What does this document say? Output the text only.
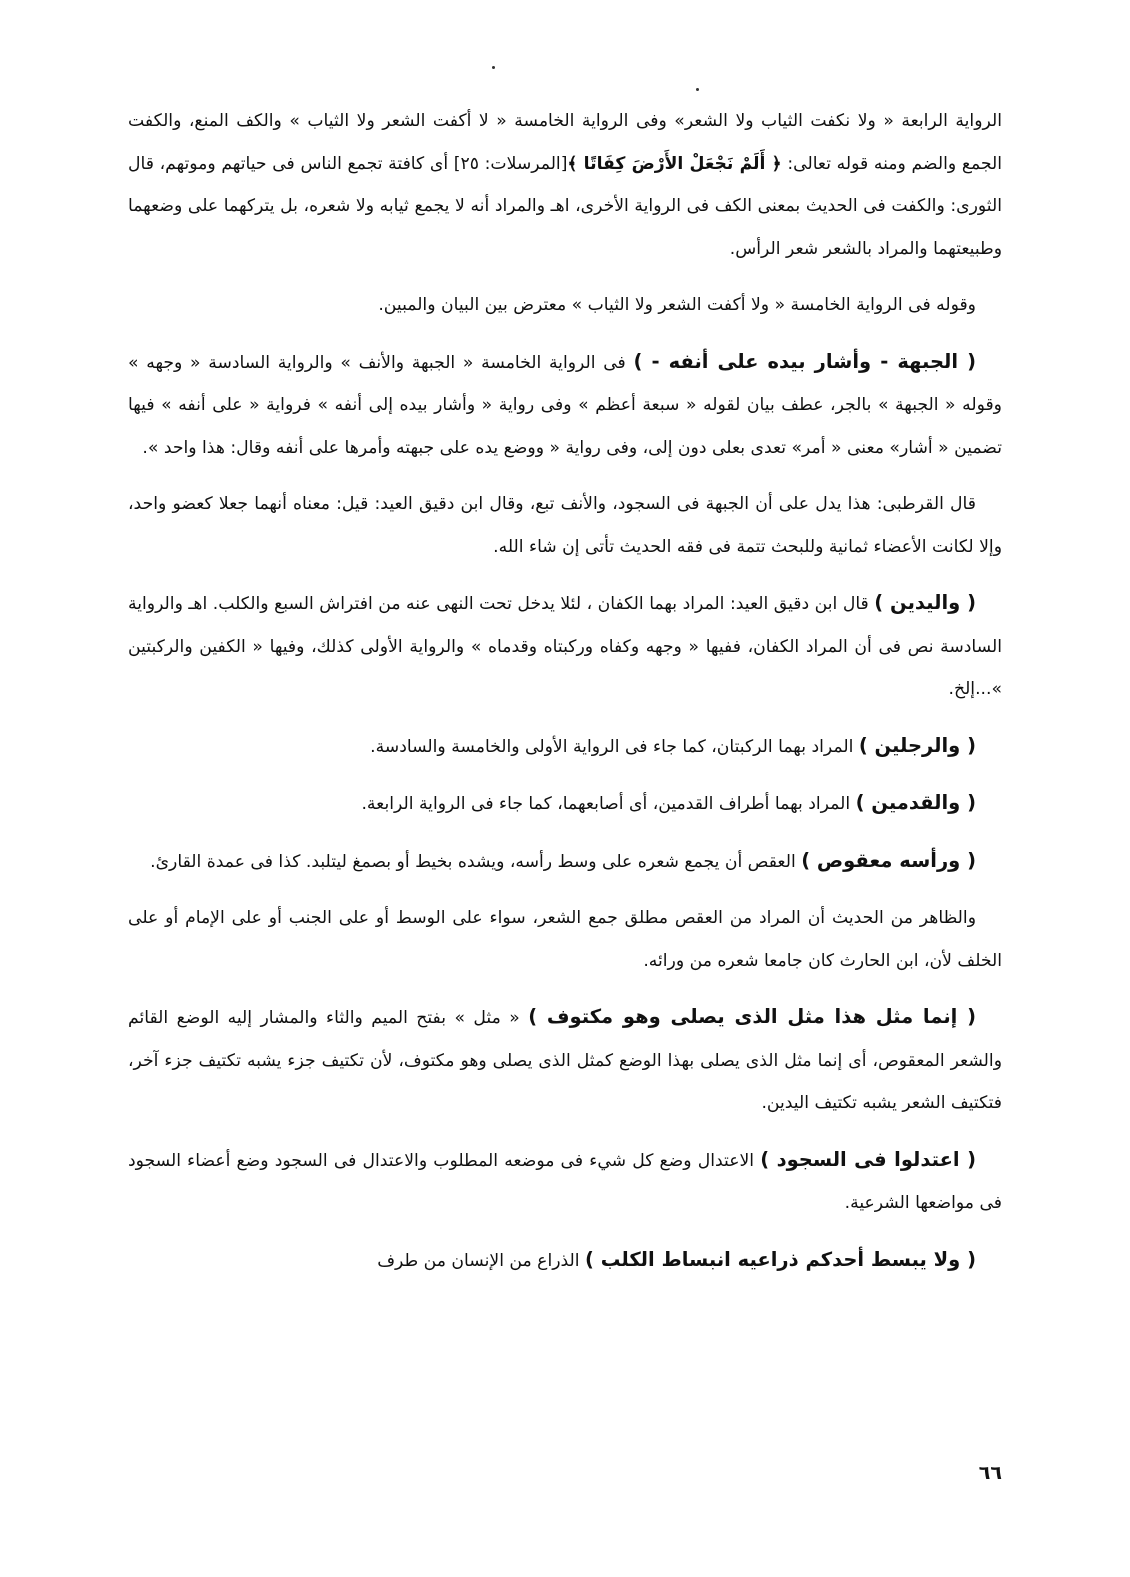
الرواية الرابعة « ولا نكفت الثياب ولا الشعر» وفى الرواية الخامسة « لا أكفت الشعر ولا الثياب » والكف المنع، والكفت الجمع والضم ومنه قوله تعالى: ﴿ أَلَمْ نَجْعَلْ الأَرْضَ كِفَاتًا ﴾[المرسلات: ٢٥] أى كافتة تجمع الناس فى حياتهم وموتهم، قال الثورى: والكفت فى الحديث بمعنى الكف فى الرواية الأخرى، اهـ والمراد أنه لا يجمع ثيابه ولا شعره، بل يتركهما على وضعهما وطبيعتهما والمراد بالشعر شعر الرأس.

وقوله فى الرواية الخامسة « ولا أكفت الشعر ولا الثياب » معترض بين البيان والمبين.

( الجبهة - وأشار بيده على أنفه - ) فى الرواية الخامسة « الجبهة والأنف » والرواية السادسة « وجهه » وقوله « الجبهة » بالجر، عطف بيان لقوله « سبعة أعظم » وفى رواية « وأشار بيده إلى أنفه » فرواية « على أنفه » فيها تضمين « أشار» معنى « أمر» تعدى بعلى دون إلى، وفى رواية « ووضع يده على جبهته وأمرها على أنفه وقال: هذا واحد ».

قال القرطبى: هذا يدل على أن الجبهة فى السجود، والأنف تبع، وقال ابن دقيق العيد: قيل: معناه أنهما جعلا كعضو واحد، وإلا لكانت الأعضاء ثمانية وللبحث تتمة فى فقه الحديث تأتى إن شاء الله.

( واليدين ) قال ابن دقيق العيد: المراد بهما الكفان ، لئلا يدخل تحت النهى عنه من افتراش السبع والكلب. اهـ والرواية السادسة نص فى أن المراد الكفان، ففيها « وجهه وكفاه وركبتاه وقدماه » والرواية الأولى كذلك، وفيها « الكفين والركبتين »...إلخ.

( والرجلين ) المراد بهما الركبتان، كما جاء فى الرواية الأولى والخامسة والسادسة.

( والقدمين ) المراد بهما أطراف القدمين، أى أصابعهما، كما جاء فى الرواية الرابعة.

( ورأسه معقوص ) العقص أن يجمع شعره على وسط رأسه، ويشده بخيط أو بصمغ ليتلبد. كذا فى عمدة القارئ.

والظاهر من الحديث أن المراد من العقص مطلق جمع الشعر، سواء على الوسط أو على الجنب أو على الإمام أو على الخلف لأن، ابن الحارث كان جامعا شعره من ورائه.

( إنما مثل هذا مثل الذى يصلى وهو مكتوف ) « مثل » بفتح الميم والثاء والمشار إليه الوضع القائم والشعر المعقوص، أى إنما مثل الذى يصلى بهذا الوضع كمثل الذى يصلى وهو مكتوف، لأن تكتيف جزء يشبه تكتيف جزء آخر، فتكتيف الشعر يشبه تكتيف اليدين.

( اعتدلوا فى السجود ) الاعتدال وضع كل شيء فى موضعه المطلوب والاعتدال فى السجود وضع أعضاء السجود فى مواضعها الشرعية.

( ولا يبسط أحدكم ذراعيه انبساط الكلب ) الذراع من الإنسان من طرف

٦٦
